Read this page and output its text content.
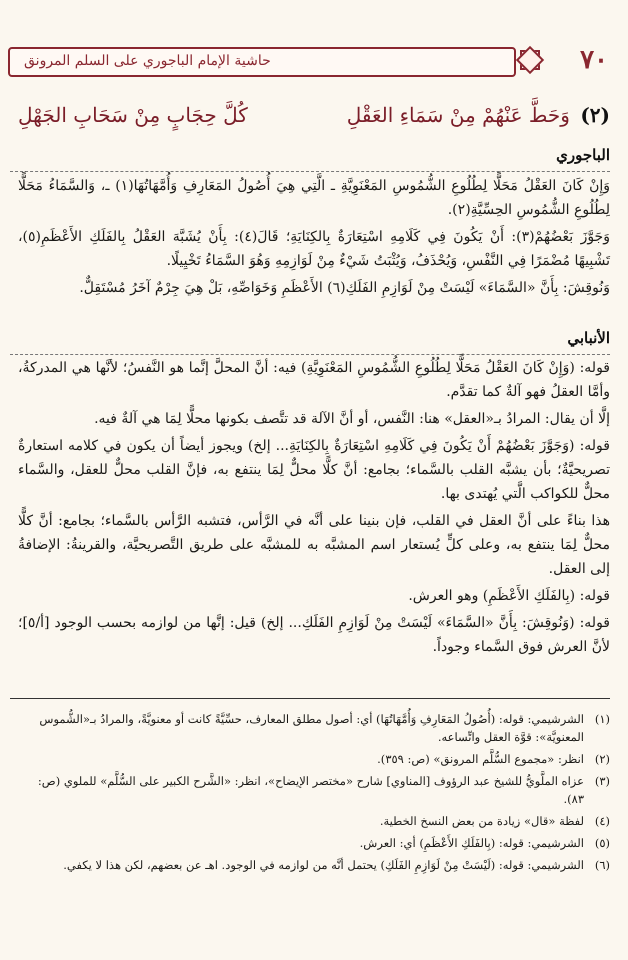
٧٠
حاشية الإمام الباجوري على السلم المرونق
(٢) وَحَطَّ عَنْهُمْ مِنْ سَمَاءِ العَقْلِ
كُلَّ حِجَابٍ مِنْ سَحَابِ الجَهْلِ
الباجوري
وَإِنْ كَانَ العَقْلُ مَحَلًّا لِطُلُوعِ الشُّمُوسِ المَعْنَوِيَّةِ ـ الَّتِي هِيَ أُصُولُ المَعَارِفِ وَأُمَّهَاتُهَا(١) ـ، وَالسَّمَاءُ مَحَلًّا لِطُلُوعِ الشُّمُوسِ الحِسِّيَّةِ(٢).
وَجَوَّزَ بَعْضُهُمْ(٣): أَنْ يَكُونَ فِي كَلَامِهِ اسْتِعَارَةٌ بِالكِنَايَةِ؛ قَالَ(٤): بِأَنْ يُشَبَّهَ العَقْلُ بِالفَلَكِ الأَعْظَمِ(٥)، تَشْبِيهًا مُضْمَرًا فِي النَّفْسِ، وَيُحْذَفُ، وَيُثْبَتُ شَيْءٌ مِنْ لَوَازِمِهِ وَهُوَ السَّمَاءُ تَخْيِيلًا.
وَنُوقِشَ: بِأَنَّ «السَّمَاءَ» لَيْسَتْ مِنْ لَوَازِمِ الفَلَكِ(٦) الأَعْظَمِ وَخَوَاصِّهِ، بَلْ هِيَ جِرْمٌ آخَرُ مُسْتَقِلٌّ.
الأنبابي
قوله: (وَإِنْ كَانَ العَقْلُ مَحَلًّا لِطُلُوعِ الشُّمُوسِ المَعْنَوِيَّةِ) فيه: أنَّ المحلَّ إنَّما هو النَّفسُ؛ لأنَّها هي المدركةُ، وأمَّا العقلُ فهو آلةٌ كما تقدَّم.
إلَّا أن يقال: المرادُ بـ«العقل» هنا: النَّفس، أو أنَّ الآلة قد تتَّصف بكونها محلًّا لِمَا هي آلةٌ فيه.
قوله: (وَجَوَّزَ بَعْضُهُمْ أَنْ يَكُونَ فِي كَلَامِهِ اسْتِعَارَةٌ بِالكِنَايَةِ... إلخ) ويجوز أيضاً أن يكون في كلامه استعارةٌ تصريحيَّةٌ؛ بأن يشبَّه القلب بالسَّماء؛ بجامع: أنَّ كلًّا محلٌّ لِمَا ينتفع به، فإنَّ القلب محلٌّ للعقل، والسَّماء محلٌّ للكواكب الَّتي يُهتدى بها.
هذا بناءً على أنَّ العقل في القلب، فإن بنينا على أنَّه في الرَّأس، فتشبه الرَّأس بالسَّماء؛ بجامع: أنَّ كلًّا محلٌّ لِمَا ينتفع به، وعلى كلٍّ يُستعار اسم المشبَّه به للمشبَّه على طريق التَّصريحيَّة، والقرينةُ: الإضافةُ إلى العقل.
قوله: (بِالفَلَكِ الأَعْظَمِ) وهو العرش.
قوله: (وَنُوقِشَ: بِأَنَّ «السَّمَاءَ» لَيْسَتْ مِنْ لَوَازِمِ الفَلَكِ... إلخ) قيل: إنَّها من لوازمه بحسب الوجود [أ/٥]؛ لأنَّ العرش فوق السَّماء وجوداً.
(١)
الشرشيمي: قوله: (أُصُولُ المَعَارِفِ وَأُمَّهَاتُهَا) أي: أصول مطلق المعارف، حسِّيَّةً كانت أو معنويَّةً، والمرادُ بـ«الشُّموس المعنويَّة»: قوَّة العقل واتِّساعه.
(٢)
انظر: «مجموع السُّلَّم المرونق» (ص: ٣٥٩).
(٣)
عزاه الملَّويُّ للشيخ عبد الرؤوف [المناوي] شارح «مختصر الإيضاح»، انظر: «الشَّرح الكبير على السُّلَّم» للملوي (ص: ٨٣).
(٤)
لفظة «قال» زيادة من بعض النسخ الخطية.
(٥)
الشرشيمي: قوله: (بِالفَلَكِ الأَعْظَمِ) أي: العرش.
(٦)
الشرشيمي: قوله: (لَيْسَتْ مِنْ لَوَازِمِ الفَلَكِ) يحتمل أنَّه من لوازمه في الوجود. اهـ عن بعضهم، لكن هذا لا يكفي.
